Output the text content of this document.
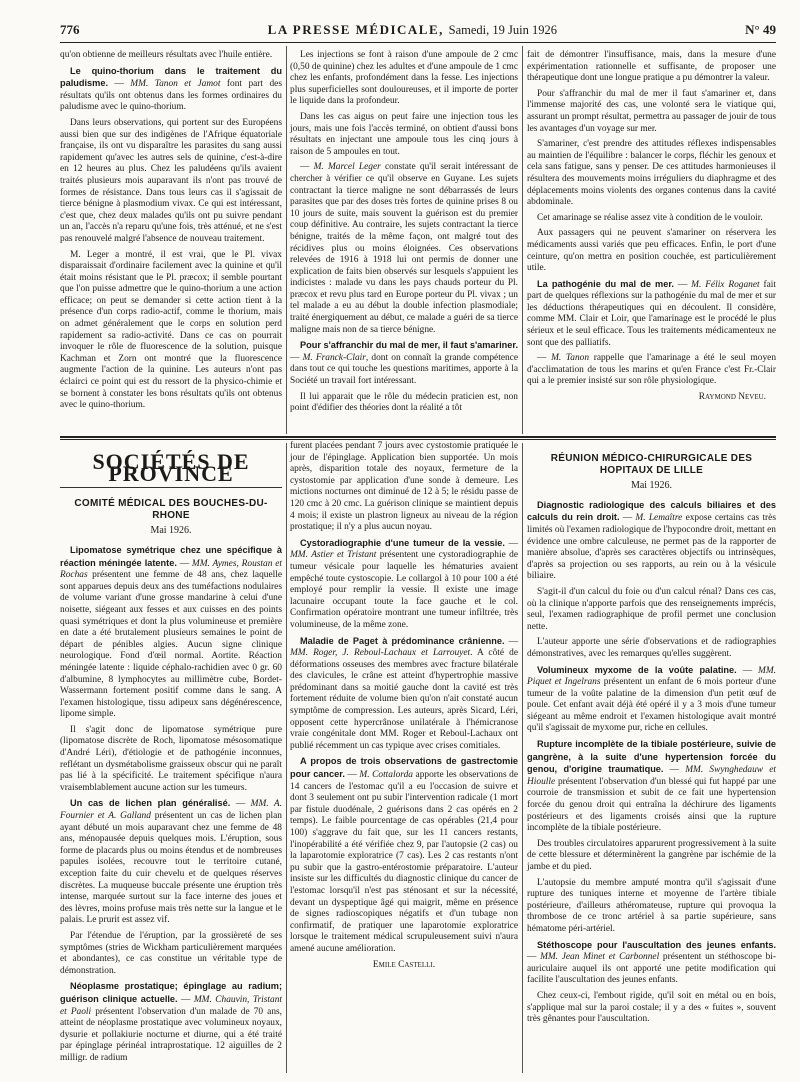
776	LA PRESSE MÉDICALE, Samedi, 19 Juin 1926	N° 49

qu'on obtienne de meilleurs résultats avec l'huile entière.

Le quino-thorium dans le traitement du paludisme. — MM. Tanon et Jamot font part des résultats qu'ils ont obtenus dans les formes ordinaires du paludisme avec le quino-thorium.

Dans leurs observations, qui portent sur des Européens aussi bien que sur des indigènes de l'Afrique équatoriale française, ils ont vu disparaître les parasites du sang aussi rapidement qu'avec les autres sels de quinine, c'est-à-dire en 12 heures au plus. Chez les paludéens qu'ils avaient traités plusieurs mois auparavant ils n'ont pas trouvé de formes de résistance. Dans tous leurs cas il s'agissait de tierce bénigne à plasmodium vivax. Ce qui est intéressant, c'est que, chez deux malades qu'ils ont pu suivre pendant un an, l'accès n'a reparu qu'une fois, très atténué, et ne s'est pas renouvelé malgré l'absence de nouveau traitement.

M. Leger a montré, il est vrai, que le Pl. vivax disparaissait d'ordinaire facilement avec la quinine et qu'il était moins résistant que le Pl. præcox; il semble pourtant que l'on puisse admettre que le quino-thorium a une action efficace; on peut se demander si cette action tient à la présence d'un corps radio-actif, comme le thorium, mais on admet généralement que le corps en solution perd rapidement sa radio-activité. Dans ce cas on pourrait invoquer le rôle de fluorescence de la solution, puisque Kachman et Zorn ont montré que la fluorescence augmente l'action de la quinine. Les auteurs n'ont pas éclairci ce point qui est du ressort de la physico-chimie et se bornent à constater les bons résultats qu'ils ont obtenus avec le quino-thorium.

Les injections se font à raison d'une ampoule de 2 cmc (0,50 de quinine) chez les adultes et d'une ampoule de 1 cmc chez les enfants, profondément dans la fesse. Les injections plus superficielles sont douloureuses, et il importe de porter le liquide dans la profondeur.

Dans les cas aigus on peut faire une injection tous les jours, mais une fois l'accès terminé, on obtient d'aussi bons résultats en injectant une ampoule tous les cinq jours à raison de 5 ampoules en tout.

— M. Marcel Leger constate qu'il serait intéressant de chercher à vérifier ce qu'il observe en Guyane. Les sujets contractant la tierce maligne ne sont débarrassés de leurs parasites que par des doses très fortes de quinine prises 8 ou 10 jours de suite, mais souvent la guérison est du premier coup définitive. Au contraire, les sujets contractant la tierce bénigne, traités de la même façon, ont malgré tout des récidives plus ou moins éloignées. Ces observations relevées de 1916 à 1918 lui ont permis de donner une explication de faits bien observés sur lesquels s'appuient les indicistes : malade vu dans les pays chauds porteur du Pl. præcox et revu plus tard en Europe porteur du Pl. vivax ; un tel malade a eu au début la double infection plasmodiale; traité énergiquement au début, ce malade a guéri de sa tierce maligne mais non de sa tierce bénigne.

Pour s'affranchir du mal de mer, il faut s'amariner. — M. Franck-Clair, dont on connaît la grande compétence dans tout ce qui touche les questions maritimes, apporte à la Société un travail fort intéressant.

Il lui apparait que le rôle du médecin praticien est, non point d'édifier des théories dont la réalité a tôt

fait de démontrer l'insuffisance, mais, dans la mesure d'une expérimentation rationnelle et suffisante, de proposer une thérapeutique dont une longue pratique a pu démontrer la valeur.

Pour s'affranchir du mal de mer il faut s'amariner et, dans l'immense majorité des cas, une volonté sera le viatique qui, assurant un prompt résultat, permettra au passager de jouir de tous les avantages d'un voyage sur mer.

S'amariner, c'est prendre des attitudes réflexes indispensables au maintien de l'équilibre : balancer le corps, fléchir les genoux et cela sans fatigue, sans y penser. De ces attitudes harmonieuses il résultera des mouvements moins irréguliers du diaphragme et des déplacements moins violents des organes contenus dans la cavité abdominale.

Cet amarinage se réalise assez vite à condition de le vouloir.

Aux passagers qui ne peuvent s'amariner on réservera les médicaments aussi variés que peu efficaces. Enfin, le port d'une ceinture, qu'on mettra en position couchée, est particulièrement utile.

La pathogénie du mal de mer. — M. Félix Roganet fait part de quelques réflexions sur la pathogénie du mal de mer et sur les déductions thérapeutiques qui en découlent. Il considère, comme MM. Clair et Loir, que l'amarinage est le procédé le plus sérieux et le seul efficace. Tous les traitements médicamenteux ne sont que des palliatifs.

— M. Tanon rappelle que l'amarinage a été le seul moyen d'acclimatation de tous les marins et qu'en France c'est Fr.-Clair qui a le premier insisté sur son rôle physiologique.

Raymond Neveu.
SOCIÉTÉS DE PROVINCE
COMITÉ MÉDICAL DES BOUCHES-DU-RHONE
Mai 1926.

Lipomatose symétrique chez une spécifique à réaction méningée latente. — MM. Aymes, Roustan et Rochas présentent une femme de 48 ans, chez laquelle sont apparues depuis deux ans des tuméfactions nodulaires de volume variant d'une grosse mandarine à celui d'une noisette, siégeant aux fesses et aux cuisses en des points quasi symétriques et dont la plus volumineuse et première en date a été brutalement plusieurs semaines le point de départ de pénibles algies. Aucun signe clinique neurologique. Fond d'œil normal. Aortite. Réaction méningée latente : liquide céphalo-rachidien avec 0 gr. 60 d'albumine, 8 lymphocytes au millimètre cube, Bordet-Wassermann fortement positif comme dans le sang. A l'examen histologique, tissu adipeux sans dégénérescence, lipome simple.

Il s'agit donc de lipomatose symétrique pure (lipomatose discrète de Roch, lipomatose mésosomatique d'André Léri), d'étiologie et de pathogénie inconnues, reflétant un dysmétabolisme graisseux obscur qui ne paraît pas lié à la spécificité. Le traitement spécifique n'aura vraisemblablement aucune action sur les tumeurs.

Un cas de lichen plan généralisé. — MM. A. Fournier et A. Galland présentent un cas de lichen plan ayant débuté un mois auparavant chez une femme de 48 ans, ménopausée depuis quelques mois. L'éruption, sous forme de placards plus ou moins étendus et de nombreuses papules isolées, recouvre tout le territoire cutané, exception faite du cuir chevelu et de quelques réserves discrètes. La muqueuse buccale présente une éruption très intense, marquée surtout sur la face interne des joues et des lèvres, moins profuse mais très nette sur la langue et le palais. Le prurit est assez vif.

Par l'étendue de l'éruption, par la grossièreté de ses symptômes (stries de Wickham particulièrement marquées et abondantes), ce cas constitue un véritable type de démonstration.

Néoplasme prostatique; épinglage au radium; guérison clinique actuelle. — MM. Chauvin, Tristant et Paoli présentent l'observation d'un malade de 70 ans, atteint de néoplasme prostatique avec volumineux noyaux, dysurie et pollakiurie nocturne et diurne, qui a été traité par épinglage périnéal intraprostatique. 12 aiguilles de 2 milligr. de radium

furent placées pendant 7 jours avec cystostomie pratiquée le jour de l'épinglage. Application bien supportée. Un mois après, disparition totale des noyaux, fermeture de la cystostomie par application d'une sonde à demeure. Les mictions nocturnes ont diminué de 12 à 5; le résidu passe de 120 cmc à 20 cmc. La guérison clinique se maintient depuis 4 mois; il existe un plastron ligneux au niveau de la région prostatique; il n'y a plus aucun noyau.

Cystoradiographie d'une tumeur de la vessie. — MM. Astier et Tristant présentent une cystoradiographie de tumeur vésicale pour laquelle les hématuries avaient empêché toute cystoscopie. Le collargol à 10 pour 100 a été employé pour remplir la vessie. Il existe une image lacunaire occupant toute la face gauche et le col. Confirmation opératoire montrant une tumeur infiltrée, très volumineuse, de la même zone.

Maladie de Paget à prédominance crânienne. — MM. Roger, J. Reboul-Lachaux et Larrouyet. A côté de déformations osseuses des membres avec fracture bilatérale des clavicules, le crâne est atteint d'hypertrophie massive prédominant dans sa moitié gauche dont la cavité est très fortement réduite de volume bien qu'on n'ait constaté aucun symptôme de compression. Les auteurs, après Sicard, Léri, opposent cette hypercrânose unilatérale à l'hémicranose vraie congénitale dont MM. Roger et Reboul-Lachaux ont publié récemment un cas typique avec crises comitiales.

A propos de trois observations de gastrectomie pour cancer. — M. Cottalorda apporte les observations de 14 cancers de l'estomac qu'il a eu l'occasion de suivre et dont 3 seulement ont pu subir l'intervention radicale (1 mort par fistule duodénale, 2 guérisons dans 2 cas opérés en 2 temps). Le faible pourcentage de cas opérables (21,4 pour 100) s'aggrave du fait que, sur les 11 cancers restants, l'inopérabilité a été vérifiée chez 9, par l'autopsie (2 cas) ou la laparotomie exploratrice (7 cas). Les 2 cas restants n'ont pu subir que la gastro-entérostomie préparatoire. L'auteur insiste sur les difficultés du diagnostic clinique du cancer de l'estomac lorsqu'il n'est pas sténosant et sur la nécessité, devant un dyspeptique âgé qui maigrit, même en présence de signes radioscopiques négatifs et d'un tubage non confirmatif, de pratiquer une laparotomie exploratrice lorsque le traitement médical scrupuleusement suivi n'aura amené aucune amélioration.

Emile Castelli.
RÉUNION MÉDICO-CHIRURGICALE DES HOPITAUX DE LILLE
Mai 1926.

Diagnostic radiologique des calculs biliaires et des calculs du rein droit. — M. Lemaître expose certains cas très limités où l'examen radiologique de l'hypocondre droit, mettant en évidence une ombre calculeuse, ne permet pas de la rapporter de manière absolue, d'après ses caractères objectifs ou intrinsèques, d'après sa projection ou ses rapports, au rein ou à la vésicule biliaire.

S'agit-il d'un calcul du foie ou d'un calcul rénal? Dans ces cas, où la clinique n'apporte parfois que des renseignements imprécis, seul, l'examen radiographique de profil permet une conclusion nette.

L'auteur apporte une série d'observations et de radiographies démonstratives, avec les remarques qu'elles suggèrent.

Volumineux myxome de la voûte palatine. — MM. Piquet et Ingelrans présentent un enfant de 6 mois porteur d'une tumeur de la voûte palatine de la dimension d'un petit œuf de poule. Cet enfant avait déjà été opéré il y a 3 mois d'une tumeur siégeant au même endroit et l'examen histologique avait montré qu'il s'agissait de myxome pur, riche en cellules.

Rupture incomplète de la tibiale postérieure, suivie de gangrène, à la suite d'une hypertension forcée du genou, d'origine traumatique. — MM. Swynghedauw et Hioulle présentent l'observation d'un blessé qui fut happé par une courroie de transmission et subit de ce fait une hypertension forcée du genou droit qui entraîna la déchirure des ligaments postérieurs et des ligaments croisés ainsi que la rupture incomplète de la tibiale postérieure.

Des troubles circulatoires apparurent progressivement à la suite de cette blessure et déterminèrent la gangrène par ischémie de la jambe et du pied.

L'autopsie du membre amputé montra qu'il s'agissait d'une rupture des tuniques interne et moyenne de l'artère tibiale postérieure, d'ailleurs athéromateuse, rupture qui provoqua la thrombose de ce tronc artériel à sa partie supérieure, sans hématome péri-artériel.

Stéthoscope pour l'auscultation des jeunes enfants. — MM. Jean Minet et Carbonnel présentent un stéthoscope bi-auriculaire auquel ils ont apporté une petite modification qui facilite l'auscultation des jeunes enfants.

Chez ceux-ci, l'embout rigide, qu'il soit en métal ou en bois, s'applique mal sur la paroi costale; il y a des « fuites », souvent très gênantes pour l'auscultation.
